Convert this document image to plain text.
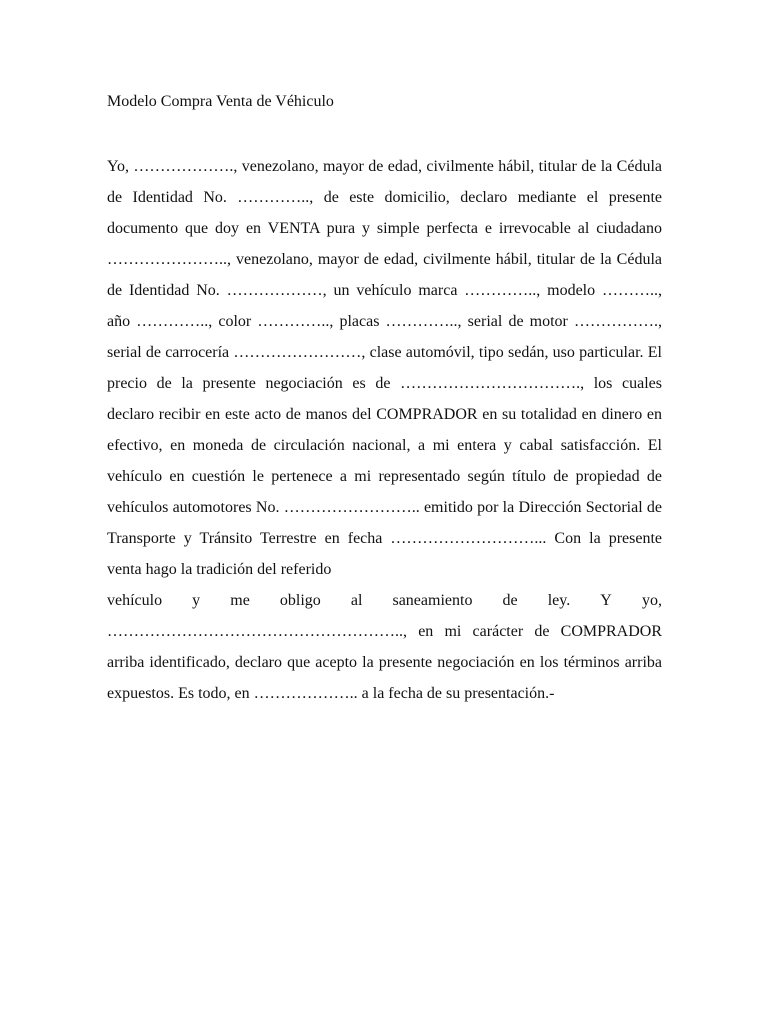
Modelo Compra Venta de Véhiculo

Yo, ………………., venezolano, mayor de edad, civilmente hábil, titular de la Cédula de Identidad No. ………….., de este domicilio, declaro mediante el presente documento que doy en VENTA pura y simple perfecta e irrevocable al ciudadano ………………….., venezolano, mayor de edad, civilmente hábil, titular de la Cédula de Identidad No. ………………, un vehículo marca ………….., modelo ……….., año ………….., color ………….., placas ………….., serial de motor ……………., serial de carrocería ……………………, clase automóvil, tipo sedán, uso particular. El precio de la presente negociación es de ……………………………., los cuales declaro recibir en este acto de manos del COMPRADOR en su totalidad en dinero en efectivo, en moneda de circulación nacional, a mi entera y cabal satisfacción. El vehículo en cuestión le pertenece a mi representado según título de propiedad de vehículos automotores No. …………………….. emitido por la Dirección Sectorial de Transporte y Tránsito Terrestre en fecha ………………………... Con la presente venta hago la tradición del referido

vehículo y me obligo al saneamiento de ley. Y yo,

……………………………………………….., en mi carácter de COMPRADOR arriba identificado, declaro que acepto la presente negociación en los términos arriba expuestos. Es todo, en ……………….. a la fecha de su presentación.-
